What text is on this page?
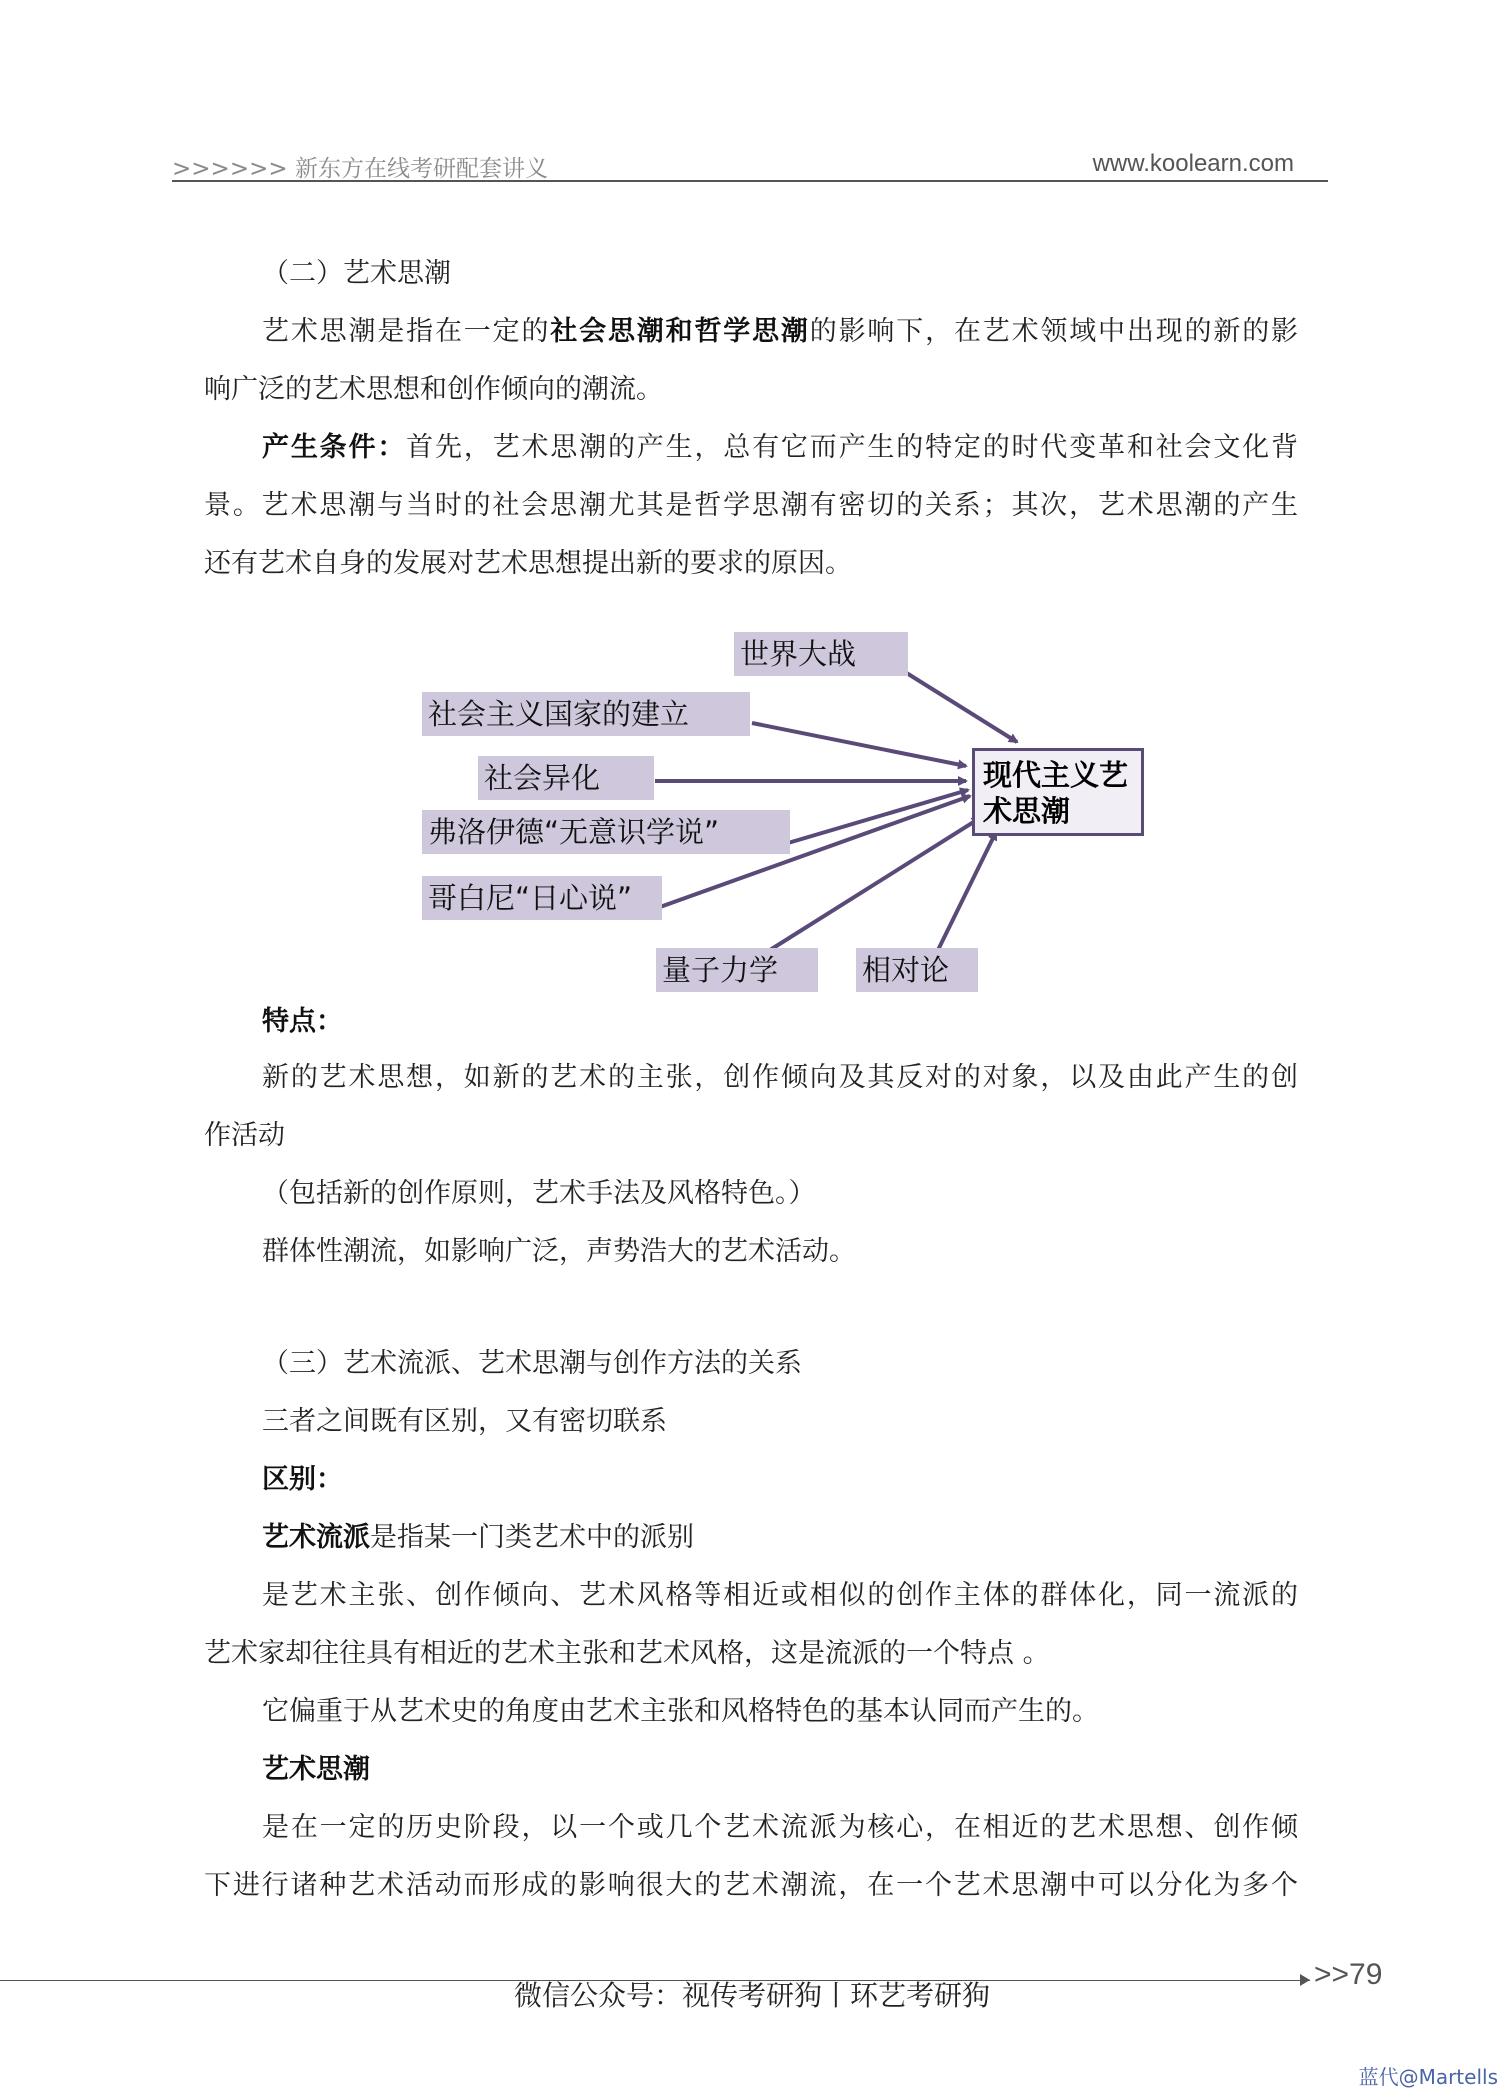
>>>>>> 新东方在线考研配套讲义	www.koolearn.com
（二）艺术思潮
艺术思潮是指在一定的社会思潮和哲学思潮的影响下，在艺术领域中出现的新的影
响广泛的艺术思想和创作倾向的潮流。
产生条件：首先，艺术思潮的产生，总有它而产生的特定的时代变革和社会文化背
景。艺术思潮与当时的社会思潮尤其是哲学思潮有密切的关系；其次，艺术思潮的产生
还有艺术自身的发展对艺术思想提出新的要求的原因。
世界大战
社会主义国家的建立
社会异化
弗洛伊德“无意识学说”
哥白尼“日心说”
量子力学	相对论
现代主义艺术思潮
特点：
新的艺术思想，如新的艺术的主张，创作倾向及其反对的对象，以及由此产生的创
作活动
（包括新的创作原则，艺术手法及风格特色。）
群体性潮流，如影响广泛，声势浩大的艺术活动。
（三）艺术流派、艺术思潮与创作方法的关系
三者之间既有区别，又有密切联系
区别：
艺术流派是指某一门类艺术中的派别
是艺术主张、创作倾向、艺术风格等相近或相似的创作主体的群体化，同一流派的
艺术家却往往具有相近的艺术主张和艺术风格，这是流派的一个特点 。
它偏重于从艺术史的角度由艺术主张和风格特色的基本认同而产生的。
艺术思潮
是在一定的历史阶段，以一个或几个艺术流派为核心，在相近的艺术思想、创作倾
下进行诸种艺术活动而形成的影响很大的艺术潮流，在一个艺术思潮中可以分化为多个
>>79
微信公众号：视传考研狗丨环艺考研狗
蓝代@Martells
